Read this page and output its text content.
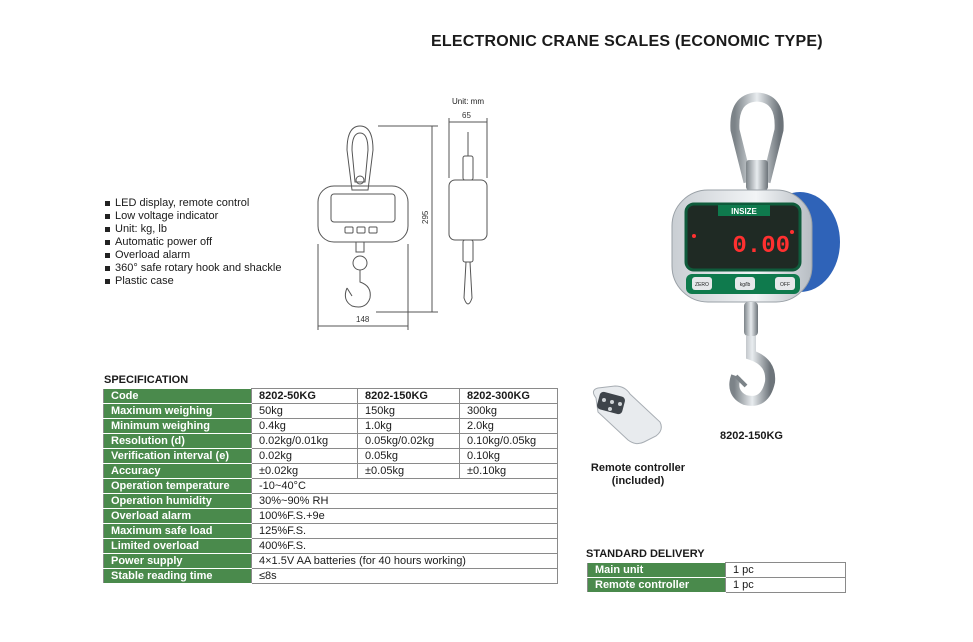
ELECTRONIC CRANE SCALES (ECONOMIC TYPE)
LED display, remote control
Low voltage indicator
Unit: kg, lb
Automatic power off
Overload alarm
360° safe rotary hook and shackle
Plastic case
Unit: mm
65
295
148
INSIZE
0.00
ZERO	kg/lb	OFF
8202-150KG
Remote controller
(included)
SPECIFICATION
Code	8202-50KG	8202-150KG	8202-300KG
Maximum weighing	50kg	150kg	300kg
Minimum weighing	0.4kg	1.0kg	2.0kg
Resolution (d)	0.02kg/0.01kg	0.05kg/0.02kg	0.10kg/0.05kg
Verification interval (e)	0.02kg	0.05kg	0.10kg
Accuracy	±0.02kg	±0.05kg	±0.10kg
Operation temperature	-10~40°C		
Operation humidity	30%~90% RH		
Overload alarm	100%F.S.+9e		
Maximum safe load	125%F.S.		
Limited overload	400%F.S.		
Power supply	4×1.5V AA batteries (for 40 hours working)		
Stable reading time	≤8s		
STANDARD DELIVERY
Main unit	1 pc
Remote controller	1 pc
